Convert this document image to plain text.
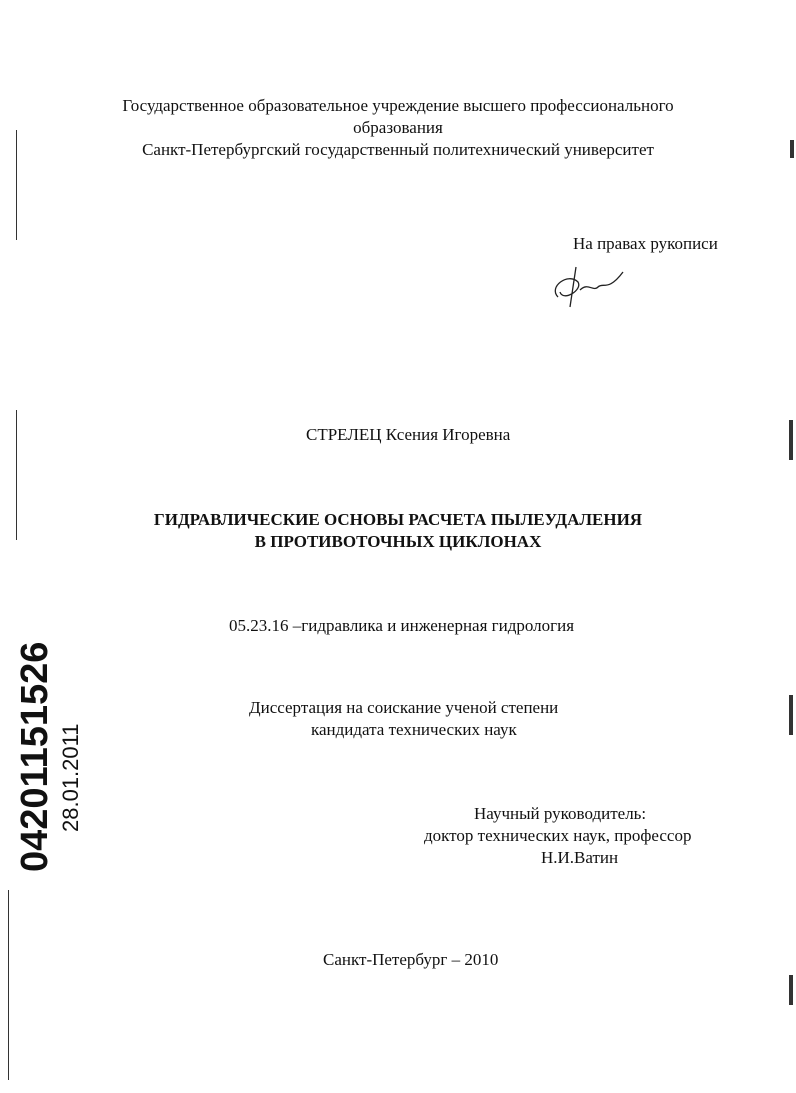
Государственное образовательное учреждение высшего профессионального
образования
Санкт-Петербургский государственный политехнический университет
На правах рукописи
СТРЕЛЕЦ Ксения Игоревна
ГИДРАВЛИЧЕСКИЕ ОСНОВЫ РАСЧЕТА ПЫЛЕУДАЛЕНИЯ
В ПРОТИВОТОЧНЫХ ЦИКЛОНАХ
05.23.16 –гидравлика и инженерная гидрология
Диссертация на соискание ученой степени
кандидата технических наук
Научный руководитель:
доктор технических наук, профессор
Н.И.Ватин
Санкт-Петербург – 2010
04201151526 28.01.2011
